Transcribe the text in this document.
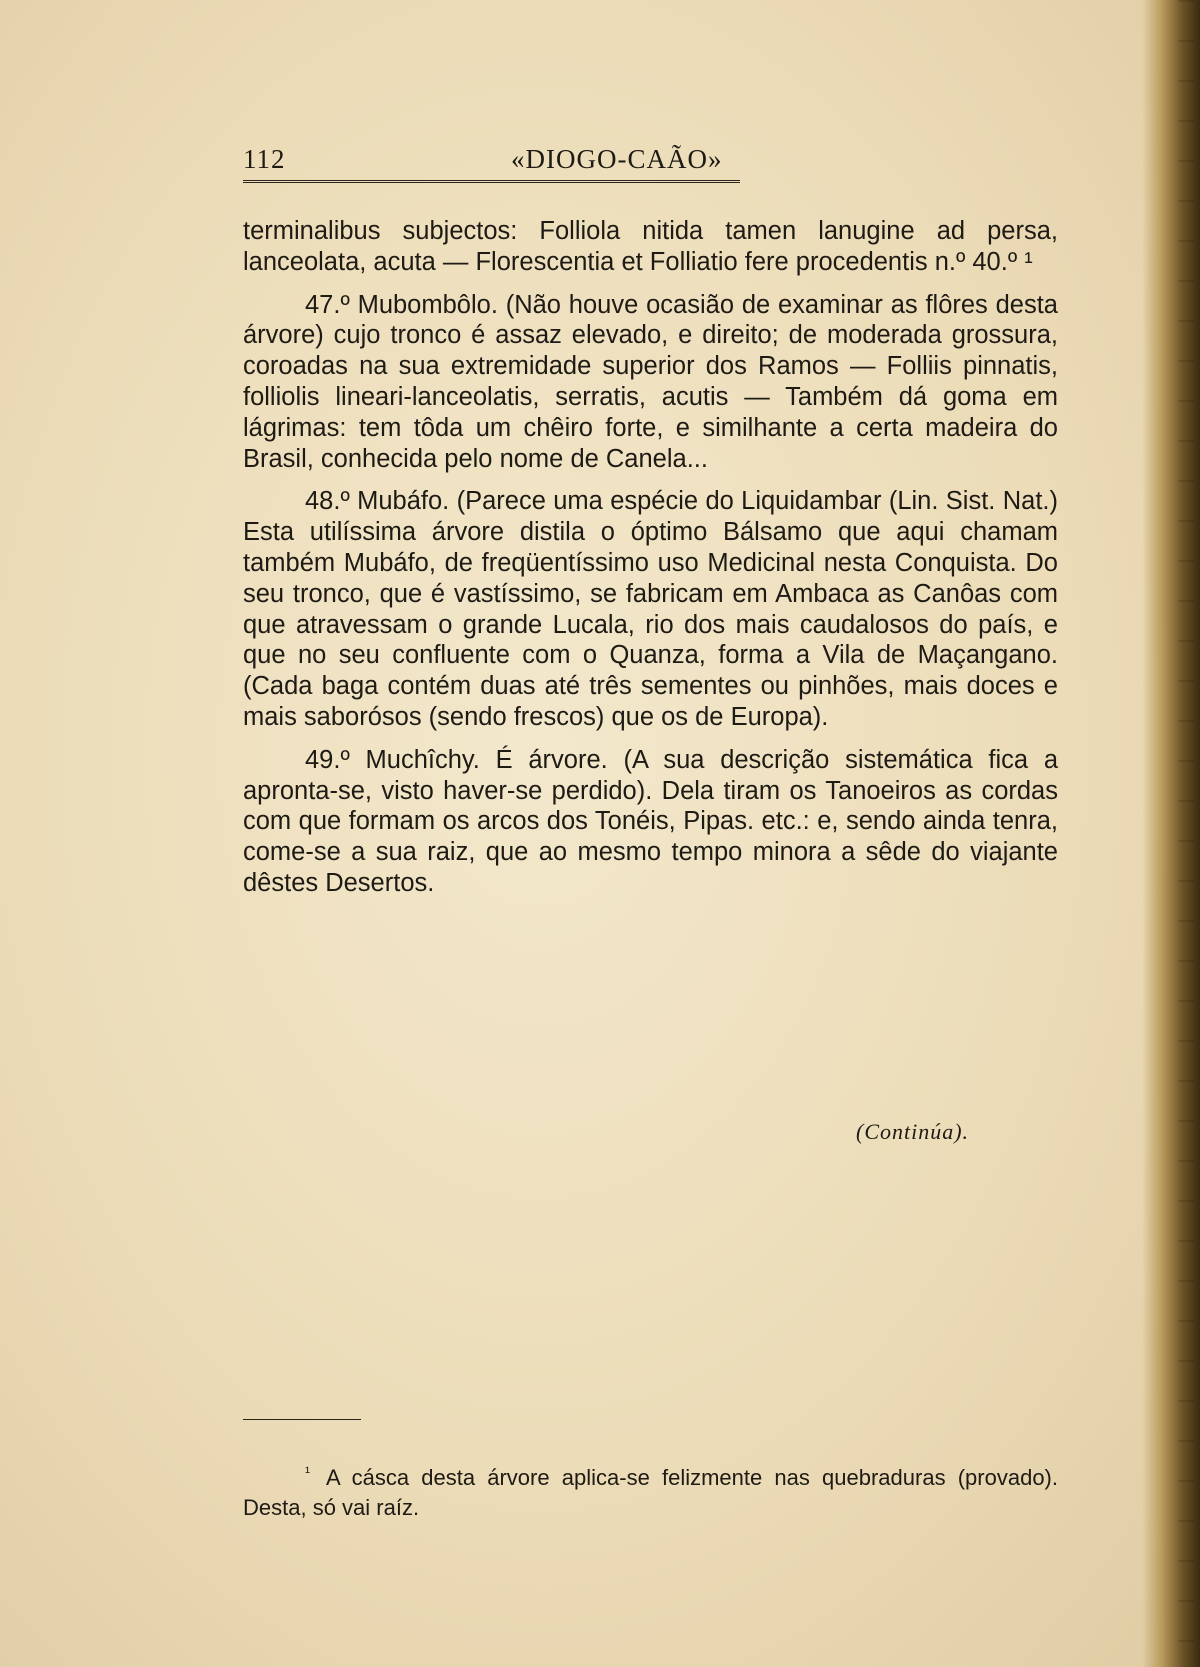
112	«DIOGO-CAÃO»

terminalibus subjectos: Folliola nitida tamen lanugine ad persa, lanceolata, acuta — Florescentia et Folliatio fere procedentis n.º 40.º ¹

47.º Mubombôlo. (Não houve ocasião de examinar as flôres desta árvore) cujo tronco é assaz elevado, e direito; de moderada grossura, coroadas na sua extremidade superior dos Ramos — Folliis pinnatis, folliolis lineari-lanceolatis, serratis, acutis — Também dá goma em lágrimas: tem tôda um chêiro forte, e similhante a certa madeira do Brasil, conhecida pelo nome de Canela...

48.º Mubáfo. (Parece uma espécie do Liquidambar (Lin. Sist. Nat.) Esta utilíssima árvore distila o óptimo Bálsamo que aqui chamam também Mubáfo, de freqüentíssimo uso Medicinal nesta Conquista. Do seu tronco, que é vastíssimo, se fabricam em Ambaca as Canôas com que atravessam o grande Lucala, rio dos mais caudalosos do país, e que no seu confluente com o Quanza, forma a Vila de Maçangano. (Cada baga contém duas até três sementes ou pinhões, mais doces e mais saborósos (sendo frescos) que os de Europa).

49.º Muchîchy. É árvore. (A sua descrição sistemática fica a apronta-se, visto haver-se perdido). Dela tiram os Tanoeiros as cordas com que formam os arcos dos Tonéis, Pipas. etc.: e, sendo ainda tenra, come-se a sua raiz, que ao mesmo tempo minora a sêde do viajante dêstes Desertos.

(Continúa).
¹ A cásca desta árvore aplica-se felizmente nas quebraduras (provado). Desta, só vai raíz.
